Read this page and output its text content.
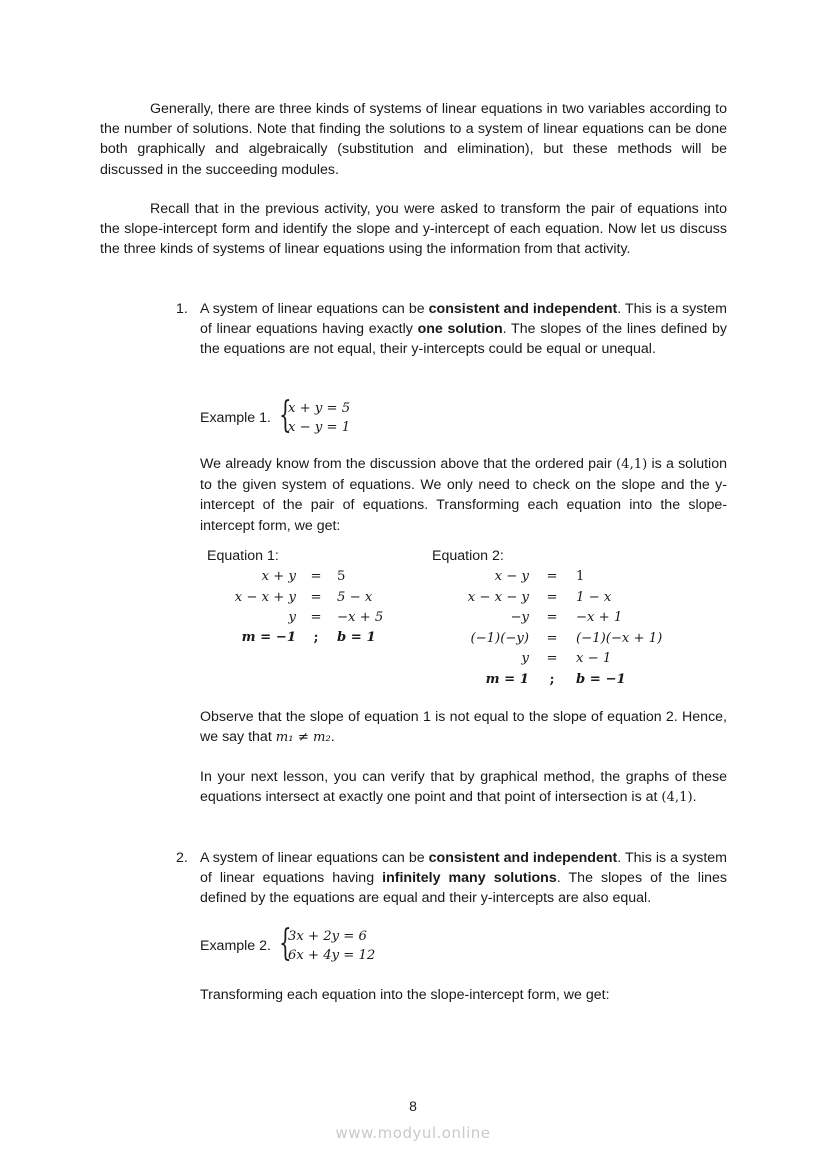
Generally, there are three kinds of systems of linear equations in two variables according to the number of solutions. Note that finding the solutions to a system of linear equations can be done both graphically and algebraically (substitution and elimination), but these methods will be discussed in the succeeding modules.
Recall that in the previous activity, you were asked to transform the pair of equations into the slope-intercept form and identify the slope and y-intercept of each equation. Now let us discuss the three kinds of systems of linear equations using the information from that activity.
1. A system of linear equations can be consistent and independent. This is a system of linear equations having exactly one solution. The slopes of the lines defined by the equations are not equal, their y-intercepts could be equal or unequal.
Example 1. {
x + y = 5
x − y = 1
We already know from the discussion above that the ordered pair (4,1) is a solution to the given system of equations. We only need to check on the slope and the y-intercept of the pair of equations. Transforming each equation into the slope-intercept form, we get:
Equation 1:
x + y = 5
x − x + y = 5 − x
y = −x + 5
m = −1	;	b = 1
Equation 2:
x − y = 1
x − x − y = 1 − x
−y = −x + 1
(−1)(−y) = (−1)(−x + 1)
y = x − 1
m = 1	;	b = −1
Observe that the slope of equation 1 is not equal to the slope of equation 2. Hence, we say that m₁ ≠ m₂.
In your next lesson, you can verify that by graphical method, the graphs of these equations intersect at exactly one point and that point of intersection is at (4,1).
2. A system of linear equations can be consistent and independent. This is a system of linear equations having infinitely many solutions. The slopes of the lines defined by the equations are equal and their y-intercepts are also equal.
Example 2. {
3x + 2y = 6
6x + 4y = 12
Transforming each equation into the slope-intercept form, we get:
8
www.modyul.online
